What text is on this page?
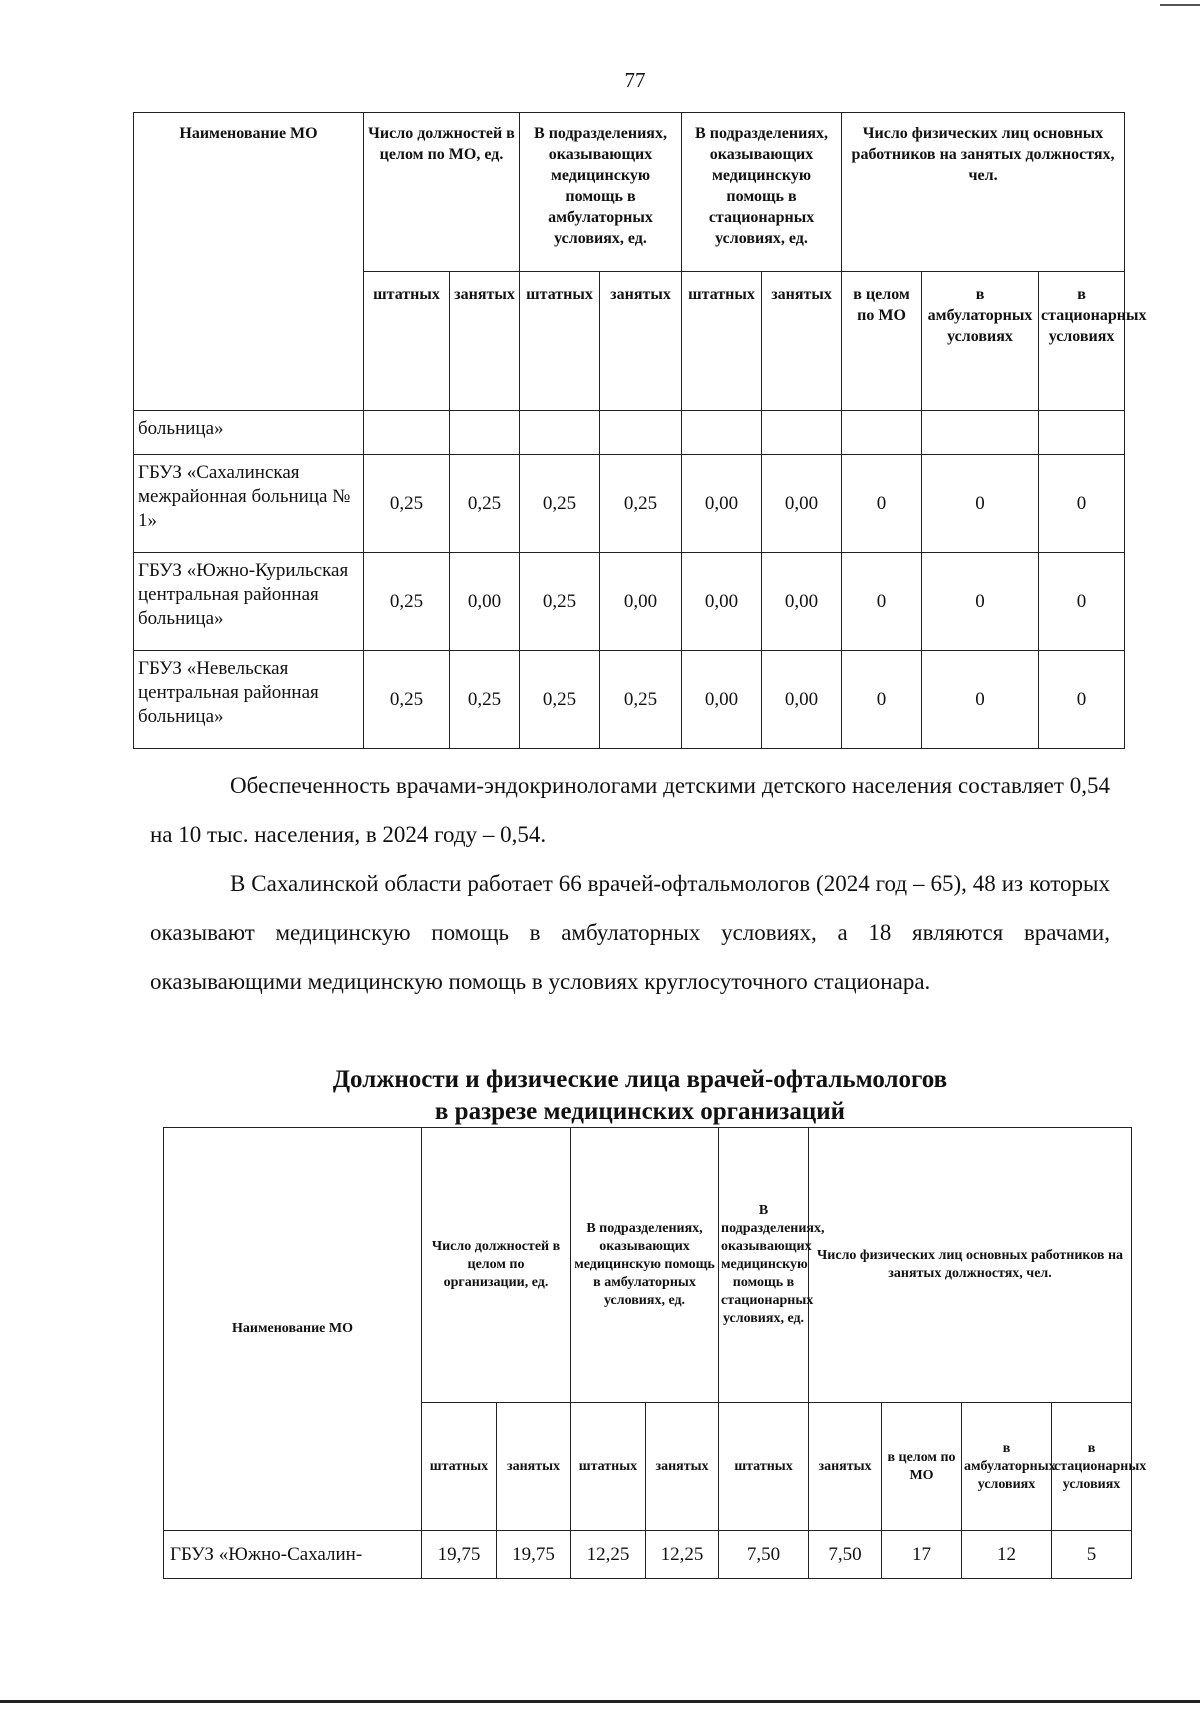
77
Наименование МО	Число должностей в целом по МО, ед.		В подразделениях, оказывающих медицинскую помощь в амбулаторных условиях, ед.		В подразделениях, оказывающих медицинскую помощь в стационарных условиях, ед.		Число физических лиц основных работников на занятых должностях, чел.		
	штатных	занятых	штатных	занятых	штатных	занятых	в целом по МО	в амбулаторных условиях	в стационарных условиях
больница»									
ГБУЗ «Сахалинская межрайонная больница № 1»	0,25	0,25	0,25	0,25	0,00	0,00	0	0	0
ГБУЗ «Южно-Курильская центральная районная больница»	0,25	0,00	0,25	0,00	0,00	0,00	0	0	0
ГБУЗ «Невельская центральная районная больница»	0,25	0,25	0,25	0,25	0,00	0,00	0	0	0

Обеспеченность врачами-эндокринологами детскими детского населения составляет 0,54 на 10 тыс. населения, в 2024 году – 0,54.

В Сахалинской области работает 66 врачей-офтальмологов (2024 год – 65), 48 из которых оказывают медицинскую помощь в амбулаторных условиях, а 18 являются врачами, оказывающими медицинскую помощь в условиях круглосуточного стационара.

Должности и физические лица врачей-офтальмологов
в разрезе медицинских организаций
Наименование МО	Число должностей в целом по организации, ед.		В подразделениях, оказывающих медицинскую помощь в амбулаторных условиях, ед.		В подразделениях, оказывающих медицинскую помощь в стационарных условиях, ед.	Число физических лиц основных работников на занятых должностях, чел.			
	штатных	занятых	штатных	занятых	штатных	занятых	в целом по МО	в амбулаторных условиях	в стационарных условиях
ГБУЗ «Южно-Сахалин-	19,75	19,75	12,25	12,25	7,50	7,50	17	12	5
